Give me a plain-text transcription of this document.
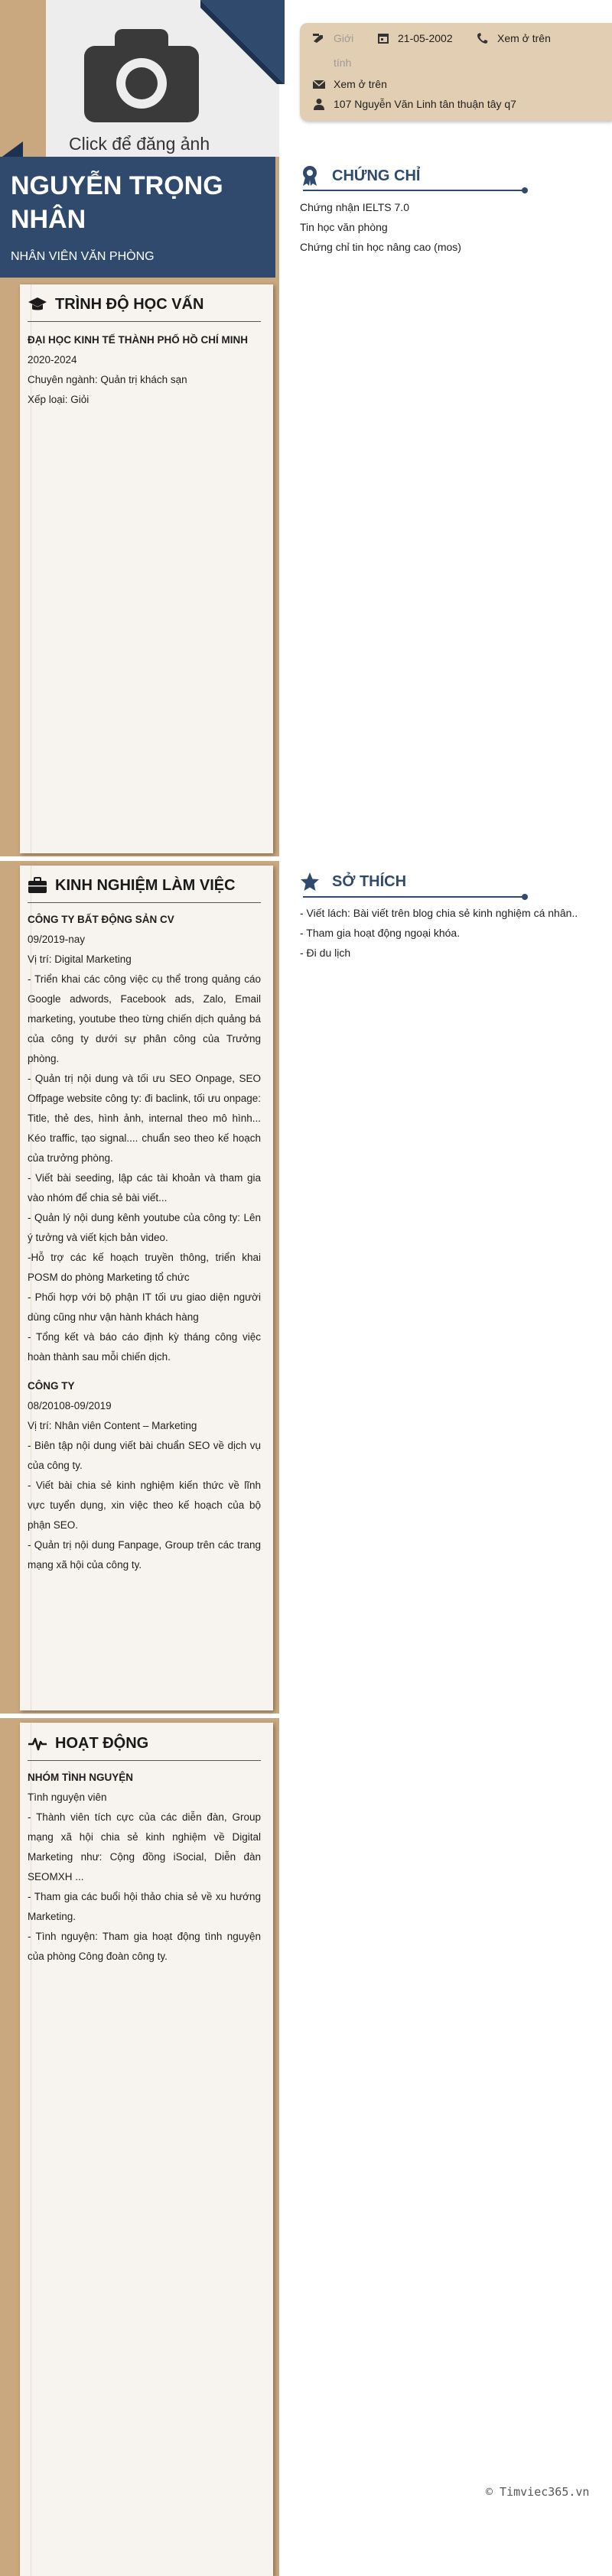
Click để đăng ảnh
NGUYỄN TRỌNG
NHÂN
NHÂN VIÊN VĂN PHÒNG
TRÌNH ĐỘ HỌC VẤN
ĐẠI HỌC KINH TẾ THÀNH PHỐ HỒ CHÍ MINH
2020-2024
Chuyên ngành: Quản trị khách sạn
Xếp loại: Giỏi
KINH NGHIỆM LÀM VIỆC
CÔNG TY BẤT ĐỘNG SẢN CV
09/2019-nay
Vị trí: Digital Marketing

- Triển khai các công việc cụ thể trong quảng cáo Google adwords, Facebook ads, Zalo, Email marketing, youtube theo từng chiến dịch quảng bá của công ty dưới sự phân công của Trưởng phòng.

- Quản trị nội dung và tối ưu SEO Onpage, SEO Offpage website công ty: đi baclink, tối ưu onpage: Title, thẻ des, hình ảnh, internal theo mô hình... Kéo traffic, tạo signal.... chuẩn seo theo kế hoạch của trưởng phòng.

- Viết bài seeding, lập các tài khoản và tham gia vào nhóm để chia sẻ bài viết...

- Quản lý nội dung kênh youtube của công ty: Lên ý tưởng và viết kịch bản video.

-Hỗ trợ các kế hoạch truyền thông, triển khai POSM do phòng Marketing tổ chức

- Phối hợp với bộ phận IT tối ưu giao diện người dùng cũng như vận hành khách hàng

- Tổng kết và báo cáo định kỳ tháng công việc hoàn thành sau mỗi chiến dịch.

CÔNG TY
08/20108-09/2019
Vị trí: Nhân viên Content – Marketing

- Biên tập nội dung viết bài chuẩn SEO về dịch vụ của công ty.

- Viết bài chia sẻ kinh nghiệm kiến thức về lĩnh vực tuyển dụng, xin việc theo kế hoạch của bộ phận SEO.

- Quản trị nội dung Fanpage, Group trên các trang mạng xã hội của công ty.

HOẠT ĐỘNG
NHÓM TÌNH NGUYỆN
Tình nguyện viên

- Thành viên tích cực của các diễn đàn, Group mạng xã hội chia sẻ kinh nghiệm về Digital Marketing như: Cộng đồng iSocial, Diễn đàn SEOMXH ...

- Tham gia các buổi hội thảo chia sẻ về xu hướng Marketing.

- Tình nguyện: Tham gia hoạt động tình nguyện của phòng Công đoàn công ty.

Giới
tính
21-05-2002	Xem ở trên
Xem ở trên
107 Nguyễn Văn Linh tân thuận tây q7
CHỨNG CHỈ
Chứng nhận IELTS 7.0
Tin học văn phòng
Chứng chỉ tin học nâng cao (mos)
SỞ THÍCH
- Viết lách: Bài viết trên blog chia sẻ kinh nghiệm cá nhân..
- Tham gia hoạt động ngoại khóa.
- Đi du lịch
© Timviec365.vn
